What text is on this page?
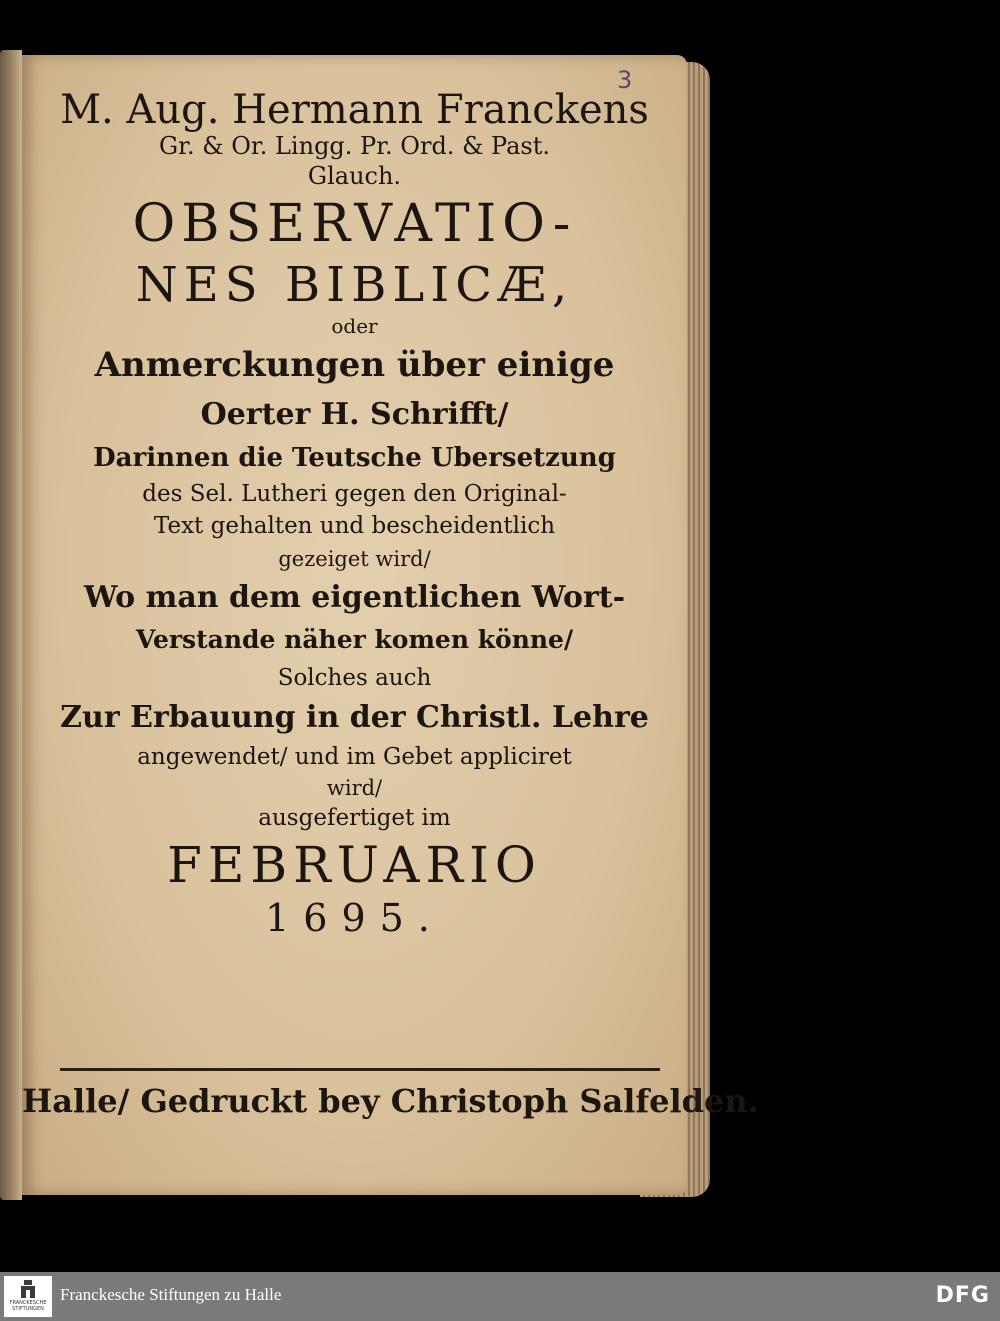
3
M. Aug. Hermann Franckens
Gr. & Or. Lingg. Pr. Ord. & Past.
Glauch.
OBSERVATIO-
NES BIBLICÆ,
oder
Anmerckungen über einige
Oerter H. Schrifft/
Darinnen die Teutsche Ubersetzung
des Sel. Lutheri gegen den Original-
Text gehalten und bescheidentlich
gezeiget wird/
Wo man dem eigentlichen Wort-
Verstande näher komen könne/
Solches auch
Zur Erbauung in der Christl. Lehre
angewendet/ und im Gebet appliciret
wird/
ausgefertiget im
FEBRUARIO
1695.
Halle/ Gedruckt bey Christoph Salfelden.
FRANCKESCHE STIFTUNGEN
Franckesche Stiftungen zu Halle	DFG
